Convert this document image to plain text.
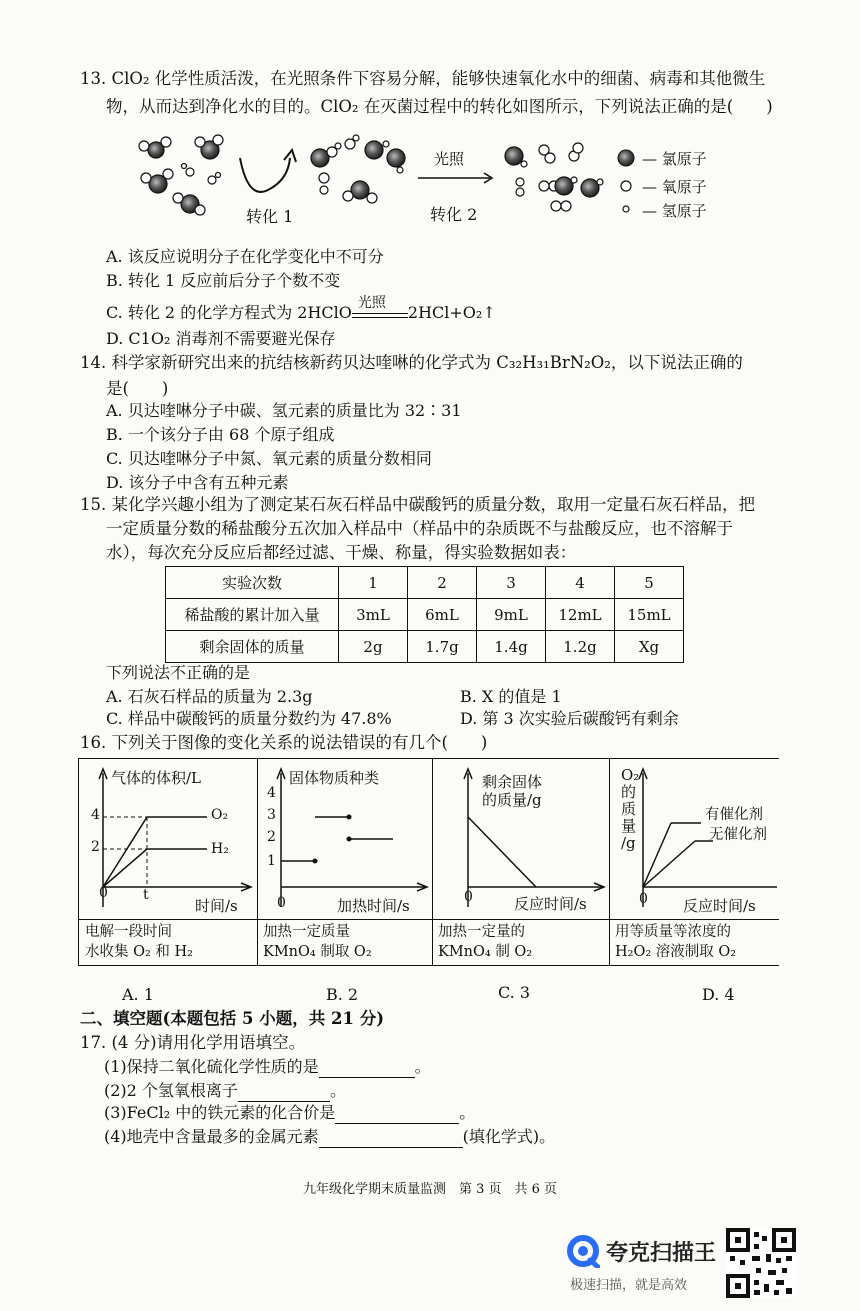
13. ClO₂ 化学性质活泼，在光照条件下容易分解，能够快速氧化水中的细菌、病毒和其他微生
物，从而达到净化水的目的。ClO₂ 在灭菌过程中的转化如图所示，下列说法正确的是(　　)
转化 1
光照
转化 2
— 氯原子
— 氧原子
— 氢原子
A. 该反应说明分子在化学变化中不可分
B. 转化 1 反应前后分子个数不变
C. 转化 2 的化学方程式为 2HClO
光照
2HCl+O₂↑
D. C1O₂ 消毒剂不需要避光保存
14. 科学家新研究出来的抗结核新药贝达喹啉的化学式为 C₃₂H₃₁BrN₂O₂，以下说法正确的
是(　　)
A. 贝达喹啉分子中碳、氢元素的质量比为 32∶31
B. 一个该分子由 68 个原子组成
C. 贝达喹啉分子中氮、氧元素的质量分数相同
D. 该分子中含有五种元素
15. 某化学兴趣小组为了测定某石灰石样品中碳酸钙的质量分数，取用一定量石灰石样品，把
一定质量分数的稀盐酸分五次加入样品中（样品中的杂质既不与盐酸反应，也不溶解于
水），每次充分反应后都经过滤、干燥、称量，得实验数据如表：
实验次数	1	2	3	4	5
稀盐酸的累计加入量	3mL	6mL	9mL	12mL	15mL
剩余固体的质量	2g	1.7g	1.4g	1.2g	Xg
下列说法不正确的是
A. 石灰石样品的质量为 2.3g	B. X 的值是 1
C. 样品中碳酸钙的质量分数约为 47.8%	D. 第 3 次实验后碳酸钙有剩余
16. 下列关于图像的变化关系的说法错误的有几个(　　)
气体的体积/L
4
2
0	t
时间/s
O₂
H₂
电解一段时间
水收集 O₂ 和 H₂
固体物质种类
4
3
2
1
0	加热时间/s
加热一定质量
KMnO₄ 制取 O₂
剩余固体
的质量/g
0	反应时间/s
加热一定量的
KMnO₄ 制 O₂
O₂
的
质
量
/g
有催化剂
无催化剂
0 反应时间/s
用等质量等浓度的
H₂O₂ 溶液制取 O₂
A. 1	B. 2	C. 3	D. 4
二、填空题(本题包括 5 小题，共 21 分)
17. (4 分)请用化学用语填空。
(1)保持二氧化硫化学性质的是	。
(2)2 个氢氧根离子	。
(3)FeCl₂ 中的铁元素的化合价是	。
(4)地壳中含量最多的金属元素	(填化学式)。
九年级化学期末质量监测　第 3 页　共 6 页
夸克扫描王
极速扫描，就是高效
